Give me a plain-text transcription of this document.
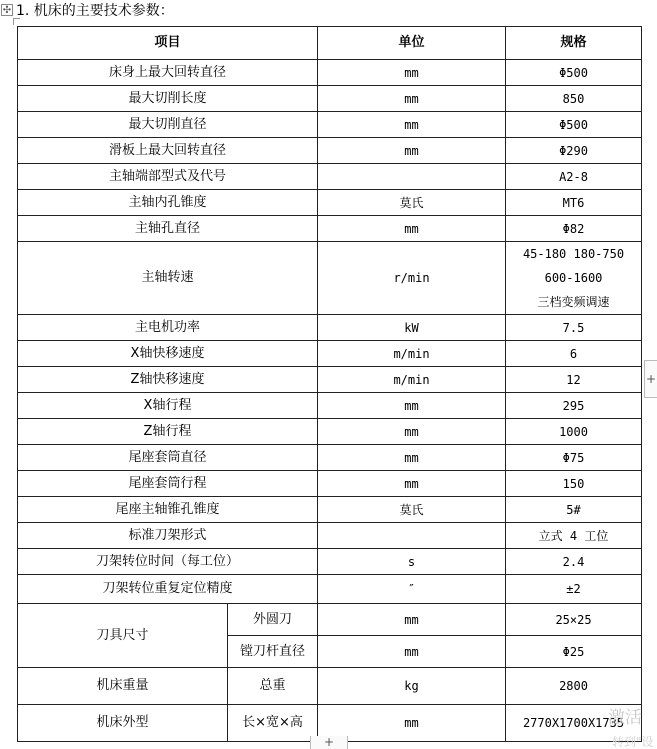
✣ 1. 机床的主要技术参数：
项目		单位	规格	
床身上最大回转直径		mm	Φ500	
最大切削长度		mm	850	
最大切削直径		mm	Φ500	
滑板上最大回转直径		mm	Φ290	
主轴端部型式及代号			A2-8	
主轴内孔锥度		莫氏	MT6	
主轴孔直径		mm	Φ82	
主轴转速		r/min	45-180 180-750 600-1600
三档变频调速	

主电机功率		kW	7.5	
X轴快移速度		m/min	6	
Z轴快移速度		m/min	12	
X轴行程		mm	295	
Z轴行程		mm	1000	
尾座套筒直径		mm	Φ75	
尾座套筒行程		mm	150	
尾座主轴锥孔锥度		莫氏	5#	
标准刀架形式			立式 4 工位	
刀架转位时间（每工位）		s	2.4	
刀架转位重复定位精度		″	±2	
刀具尺寸	外圆刀	mm	25×25	
	镗刀杆直径	mm	Φ25	
机床重量	总重	kg	2800	
机床外型	长×宽×高	mm	2770X1700X1735	
+
+
激活
转到"设
